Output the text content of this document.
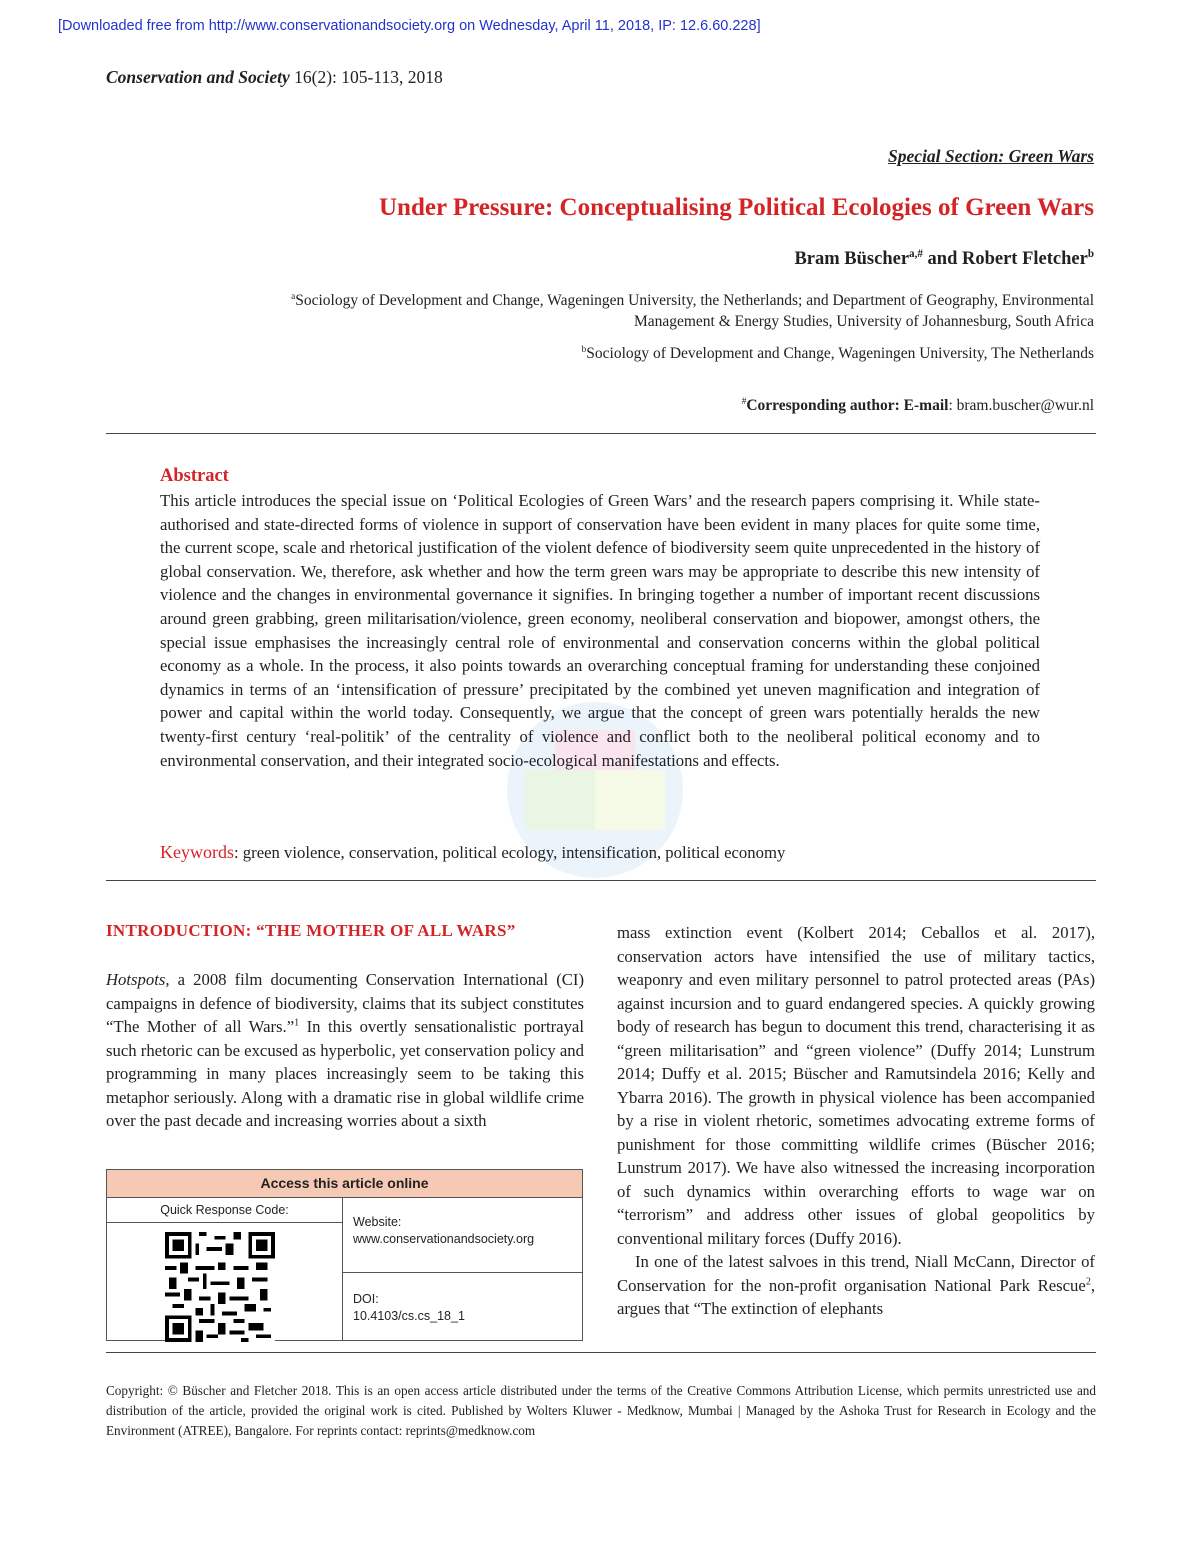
[Downloaded free from http://www.conservationandsociety.org on Wednesday, April 11, 2018, IP: 12.6.60.228]
Conservation and Society 16(2): 105-113, 2018
Special Section: Green Wars
Under Pressure: Conceptualising Political Ecologies of Green Wars
Bram Büscher$^{a,\#}$ and Robert Fletcher$^b$
$^a$Sociology of Development and Change, Wageningen University, the Netherlands; and Department of Geography, Environmental
Management & Energy Studies, University of Johannesburg, South Africa
$^b$Sociology of Development and Change, Wageningen University, The Netherlands
#Corresponding author: E-mail: bram.buscher@wur.nl
Abstract

This article introduces the special issue on ‘Political Ecologies of Green Wars’ and the research papers comprising it. While state-authorised and state-directed forms of violence in support of conservation have been evident in many places for quite some time, the current scope, scale and rhetorical justification of the violent defence of biodiversity seem quite unprecedented in the history of global conservation. We, therefore, ask whether and how the term green wars may be appropriate to describe this new intensity of violence and the changes in environmental governance it signifies. In bringing together a number of important recent discussions around green grabbing, green militarisation/violence, green economy, neoliberal conservation and biopower, amongst others, the special issue emphasises the increasingly central role of environmental and conservation concerns within the global political economy as a whole. In the process, it also points towards an overarching conceptual framing for understanding these conjoined dynamics in terms of an ‘intensification of pressure’ precipitated by the combined yet uneven magnification and integration of power and capital within the world today. Consequently, we argue that the concept of green wars potentially heralds the new twenty-first century ‘real-politik’ of the centrality of violence and conflict both to the neoliberal political economy and to environmental conservation, and their integrated socio-ecological manifestations and effects.

Keywords: green violence, conservation, political ecology, intensification, political economy
INTRODUCTION: “THE MOTHER OF ALL WARS”

Hotspots, a 2008 film documenting Conservation International (CI) campaigns in defence of biodiversity, claims that its subject constitutes “The Mother of all Wars.”$^1$ In this overtly sensationalistic portrayal such rhetoric can be excused as hyperbolic, yet conservation policy and programming in many places increasingly seem to be taking this metaphor seriously. Along with a dramatic rise in global wildlife crime over the past decade and increasing worries about a sixth

mass extinction event (Kolbert 2014; Ceballos et al. 2017), conservation actors have intensified the use of military tactics, weaponry and even military personnel to patrol protected areas (PAs) against incursion and to guard endangered species. A quickly growing body of research has begun to document this trend, characterising it as “green militarisation” and “green violence” (Duffy 2014; Lunstrum 2014; Duffy et al. 2015; Büscher and Ramutsindela 2016; Kelly and Ybarra 2016). The growth in physical violence has been accompanied by a rise in violent rhetoric, sometimes advocating extreme forms of punishment for those committing wildlife crimes (Büscher 2016; Lunstrum 2017). We have also witnessed the increasing incorporation of such dynamics within overarching efforts to wage war on “terrorism” and address other issues of global geopolitics by conventional military forces (Duffy 2016).

In one of the latest salvoes in this trend, Niall McCann, Director of Conservation for the non-profit organisation National Park Rescue$^2$, argues that “The extinction of elephants

Access this article online
Quick Response Code:
Website:
www.conservationandsociety.org
DOI:
10.4103/cs.cs_18_1
Copyright: © Büscher and Fletcher 2018. This is an open access article distributed under the terms of the Creative Commons Attribution License, which permits unrestricted use and distribution of the article, provided the original work is cited. Published by Wolters Kluwer - Medknow, Mumbai | Managed by the Ashoka Trust for Research in Ecology and the Environment (ATREE), Bangalore. For reprints contact: reprints@medknow.com
